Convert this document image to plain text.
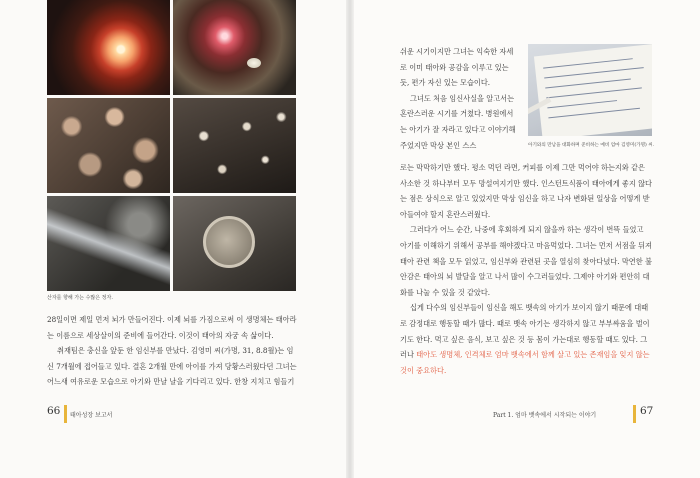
산자를 향해 가는 수많은 정자.

28일이면 제일 먼저 뇌가 만들어진다. 이제 뇌를 가짐으로써 이 생명체는 태아라는 이름으로 세상살이의 준비에 들어간다. 이것이 태아의 자궁 속 삶이다.

취재팀은 충신을 앞둔 한 임신부를 만났다. 김영미 씨(가명, 31, 8.8월)는 임신 7개월에 접어들고 있다. 결혼 2개월 만에 아이를 가져 당황스러웠다던 그녀는 어느새 여유로운 모습으로 아기와 만날 날을 기다리고 있다. 한창 지치고 힘들기

쉬운 시기이지만 그녀는 익숙한 자세로 이미 태아와 공감을 이루고 있는 듯, 편가 자신 있는 모습이다.

그녀도 처음 임신사실을 알고서는 혼란스러운 시기를 거쳤다. 병원에서는 아기가 잘 자라고 있다고 이야기해 주었지만 막상 본인 스스	아기와의 만남을 대화하며 준비하는 예비 엄마 김영미(가명) 씨.

로는 막막하기만 했다. 평소 먹던 라면, 커피를 이제 그만 먹어야 하는지와 같은 사소한 것 하나부터 모두 망설여지기만 했다. 인스턴트식품이 태아에게 좋지 않다는 점은 상식으로 알고 있었지만 막상 임신을 하고 나자 변화된 일상을 어떻게 받아들여야 할지 혼란스러웠다.

그러다가 어느 순간, 나중에 후회하게 되지 않을까 하는 생각이 번뜩 들었고 아기를 이해하기 위해서 공부를 해야겠다고 마음먹었다. 그녀는 먼저 서점을 뒤져 태아 관련 책을 모두 읽었고, 임신부와 관련된 곳을 열심히 찾아다녔다. 막연한 불안감은 태아의 뇌 발달을 알고 나서 많이 수그러들었다. 그제야 아기와 편안히 대화를 나눌 수 있을 것 같았다.

십게 다수의 임신부들이 임신을 해도 뱃속의 아기가 보이지 않기 때문에 대때로 감정대로 행동할 때가 많다. 때로 뱃속 아기는 생각하지 않고 부부싸움을 벌이기도 한다. 먹고 싶은 음식, 보고 싶은 것 등 몸이 가는대로 행동할 때도 있다. 그러나 태아도 생명체, 인격체로 엄마 뱃속에서 함께 살고 있는 존재임을 잊지 않는 것이 중요하다.

66 태아성장 보고서	Part 1. 엄마 뱃속에서 시작되는 이야기	67
